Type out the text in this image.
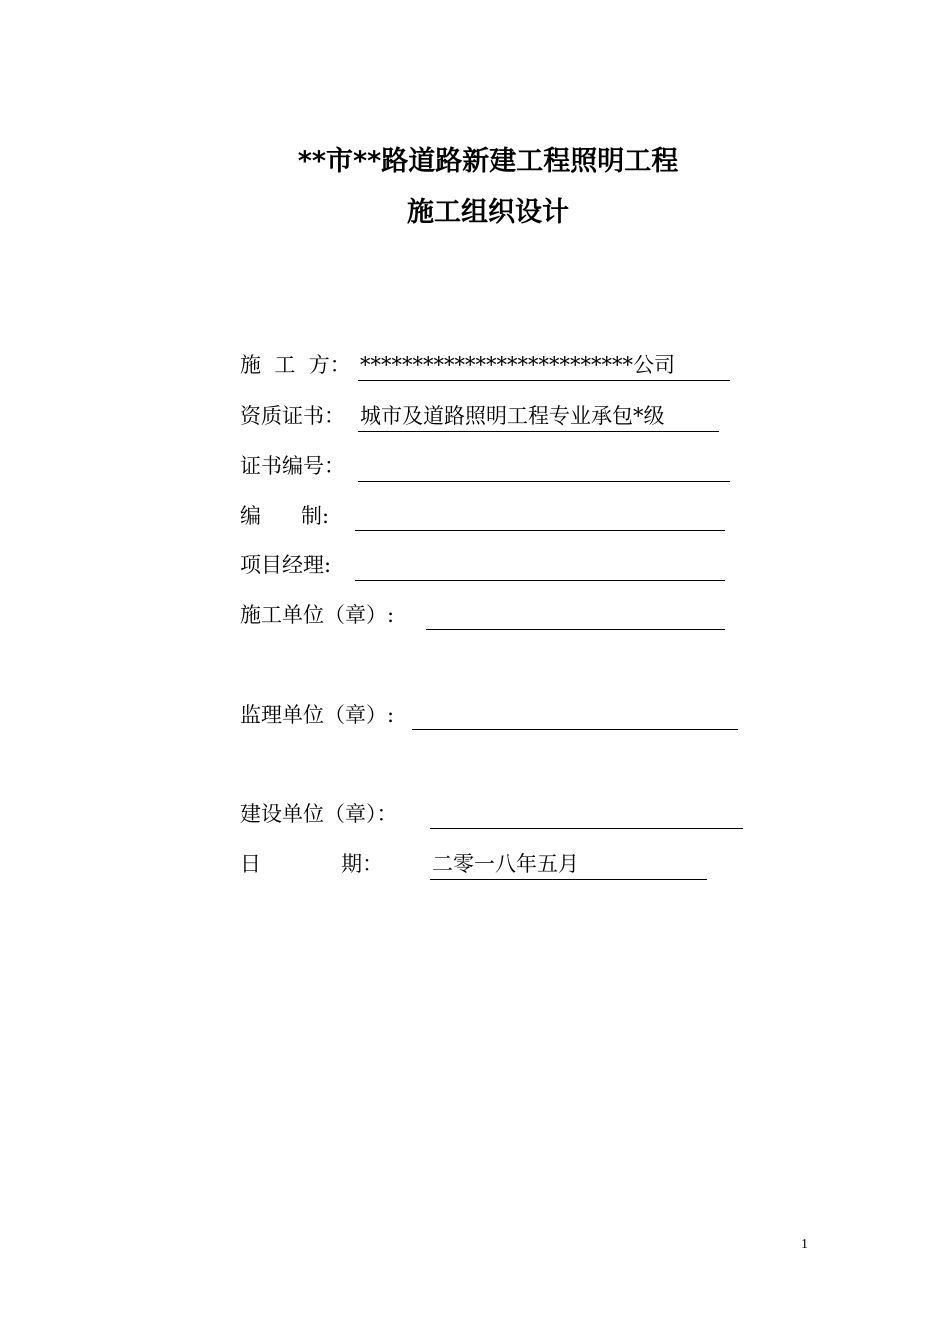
**市**路道路新建工程照明工程
施工组织设计
施  工  方： **************************公司
资质证书： 城市及道路照明工程专业承包*级
证书编号：
编      制:
项目经理:
施工单位（章）:
监理单位（章）:
建设单位（章）：
日            期： 二零一八年五月
1
